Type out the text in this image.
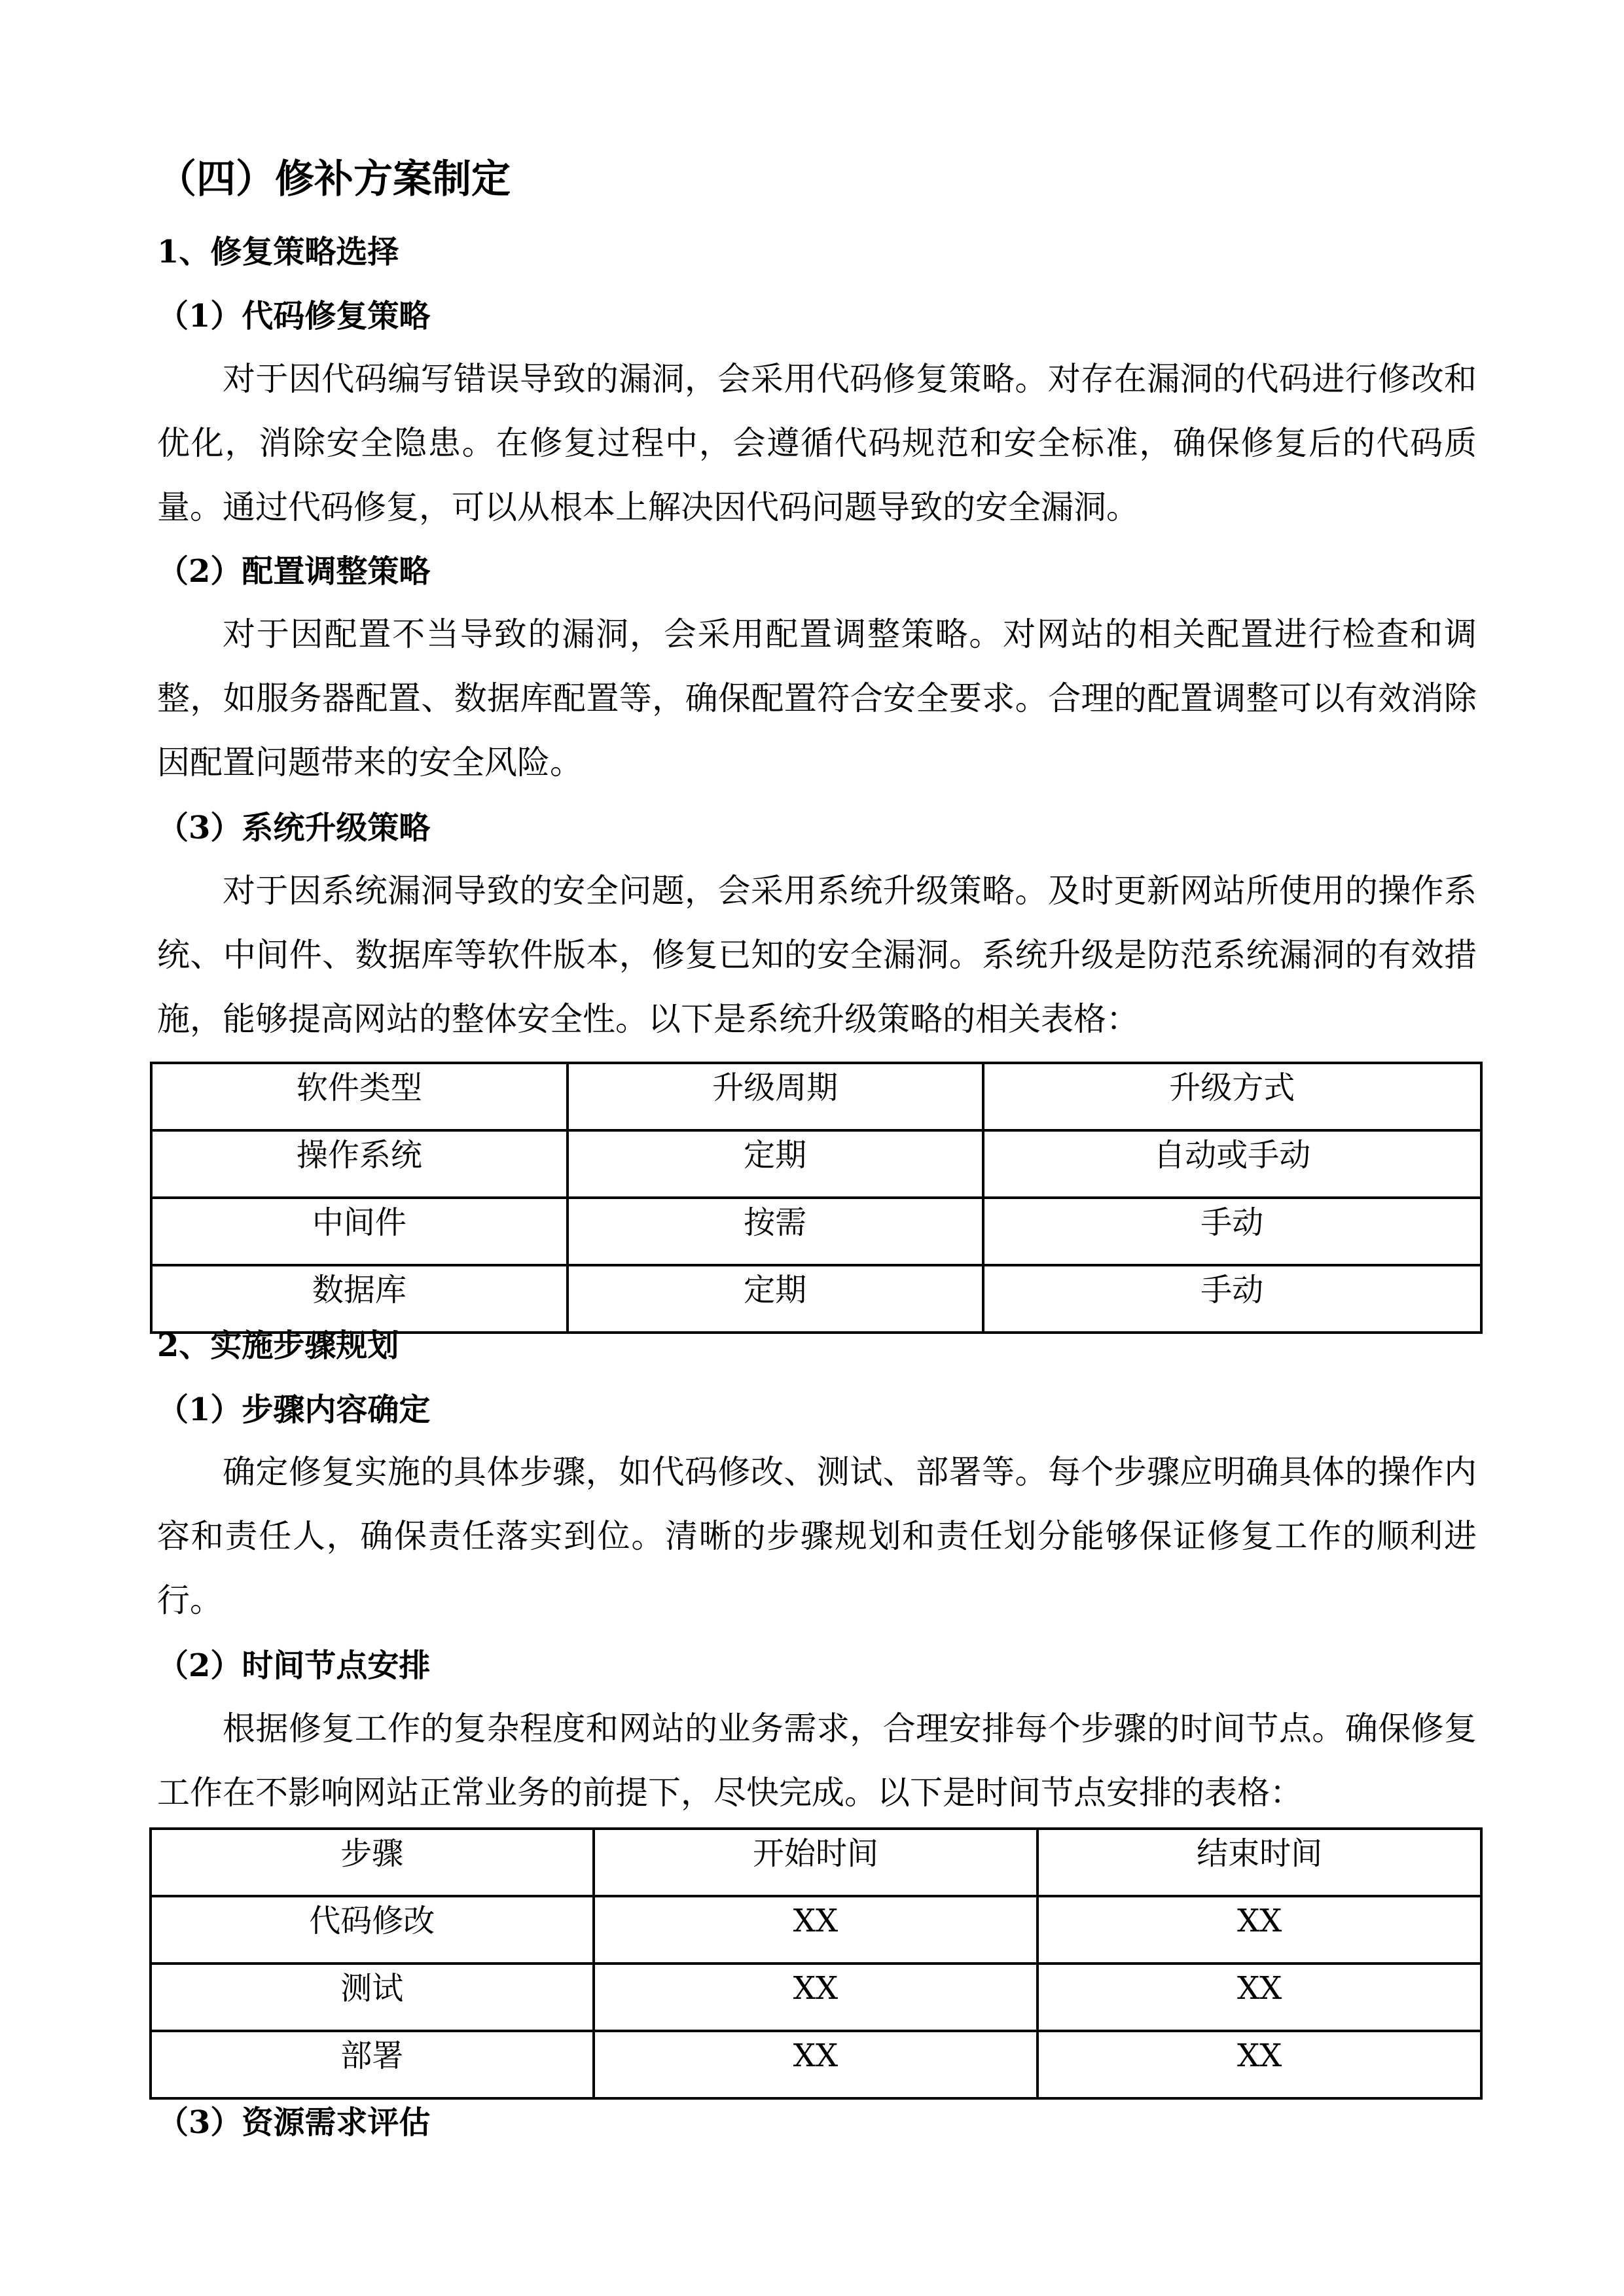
（四）修补方案制定
1、修复策略选择
（1）代码修复策略
对于因代码编写错误导致的漏洞，会采用代码修复策略。对存在漏洞的代码进行修改和优化，消除安全隐患。在修复过程中，会遵循代码规范和安全标准，确保修复后的代码质量。通过代码修复，可以从根本上解决因代码问题导致的安全漏洞。
（2）配置调整策略
对于因配置不当导致的漏洞，会采用配置调整策略。对网站的相关配置进行检查和调整，如服务器配置、数据库配置等，确保配置符合安全要求。合理的配置调整可以有效消除因配置问题带来的安全风险。
（3）系统升级策略
对于因系统漏洞导致的安全问题，会采用系统升级策略。及时更新网站所使用的操作系统、中间件、数据库等软件版本，修复已知的安全漏洞。系统升级是防范系统漏洞的有效措施，能够提高网站的整体安全性。以下是系统升级策略的相关表格：
软件类型	升级周期	升级方式
操作系统	定期	自动或手动
中间件	按需	手动
数据库	定期	手动
2、实施步骤规划
（1）步骤内容确定
确定修复实施的具体步骤，如代码修改、测试、部署等。每个步骤应明确具体的操作内容和责任人，确保责任落实到位。清晰的步骤规划和责任划分能够保证修复工作的顺利进行。
（2）时间节点安排
根据修复工作的复杂程度和网站的业务需求，合理安排每个步骤的时间节点。确保修复工作在不影响网站正常业务的前提下，尽快完成。以下是时间节点安排的表格：
步骤	开始时间	结束时间
代码修改	XX	XX
测试	XX	XX
部署	XX	XX
（3）资源需求评估
